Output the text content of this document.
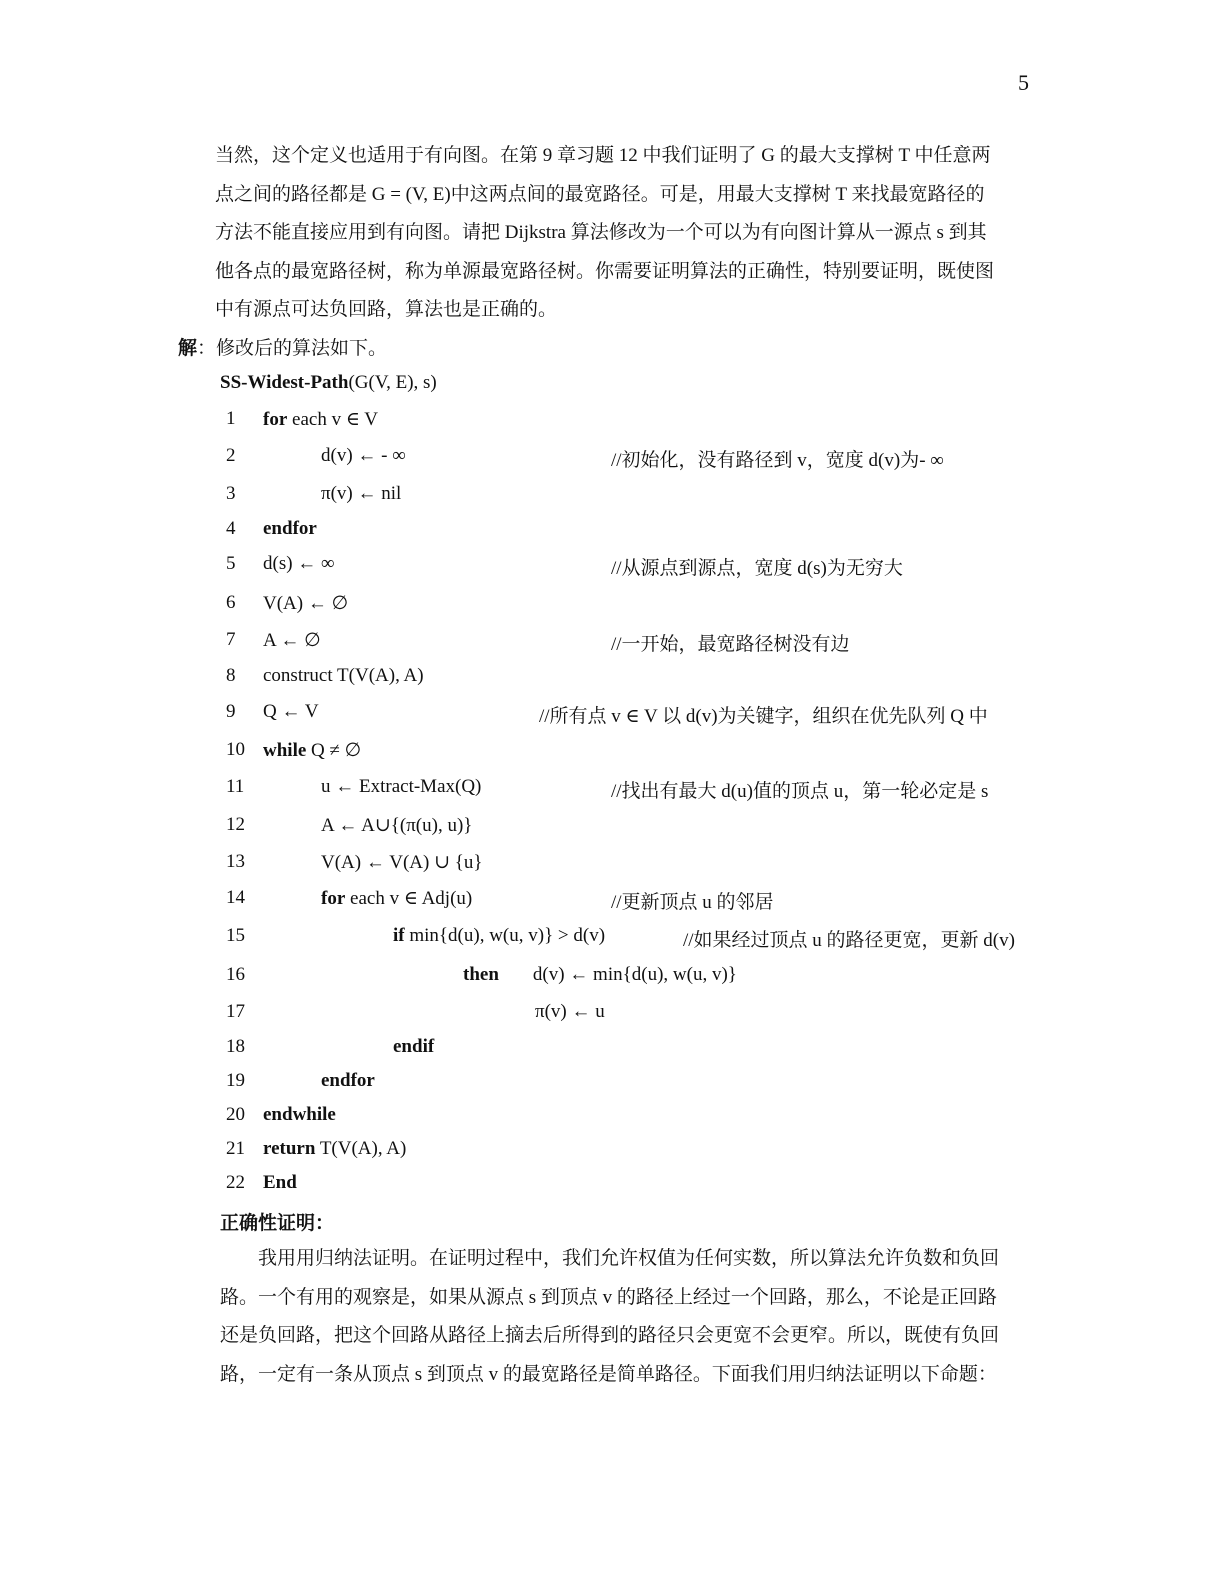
5
当然，这个定义也适用于有向图。在第 9 章习题 12 中我们证明了 G 的最大支撑树 T 中任意两
点之间的路径都是 G = (V, E)中这两点间的最宽路径。可是，用最大支撑树 T 来找最宽路径的
方法不能直接应用到有向图。请把 Dijkstra 算法修改为一个可以为有向图计算从一源点 s 到其
他各点的最宽路径树，称为单源最宽路径树。你需要证明算法的正确性，特别要证明，既使图
中有源点可达负回路，算法也是正确的。
解：修改后的算法如下。
SS-Widest-Path(G(V, E), s)
1	for each v ∈ V
2	d(v) ← - ∞	//初始化，没有路径到 v，宽度 d(v)为- ∞
3	π(v) ← nil
4	endfor
5	d(s) ← ∞	//从源点到源点，宽度 d(s)为无穷大
6	V(A) ← ∅
7	A ← ∅	//一开始，最宽路径树没有边
8	construct T(V(A), A)
9	Q ← V	//所有点 v ∈ V 以 d(v)为关键字，组织在优先队列 Q 中
10 while Q ≠ ∅
11	u ← Extract-Max(Q)	//找出有最大 d(u)值的顶点 u，第一轮必定是 s
12	A ← A∪{(π(u), u)}
13	V(A) ← V(A) ∪ {u}
14	for each v ∈ Adj(u)	//更新顶点 u 的邻居
15	if min{d(u), w(u, v)} > d(v)	//如果经过顶点 u 的路径更宽，更新 d(v)
16	then d(v) ← min{d(u), w(u, v)}
17	π(v) ← u
18	endif
19	endfor
20 endwhile
21 return T(V(A), A)
22 End
正确性证明：
我用用归纳法证明。在证明过程中，我们允许权值为任何实数，所以算法允许负数和负回
路。一个有用的观察是，如果从源点 s 到顶点 v 的路径上经过一个回路，那么，不论是正回路
还是负回路，把这个回路从路径上摘去后所得到的路径只会更宽不会更窄。所以，既使有负回
路，一定有一条从顶点 s 到顶点 v 的最宽路径是简单路径。下面我们用归纳法证明以下命题：
